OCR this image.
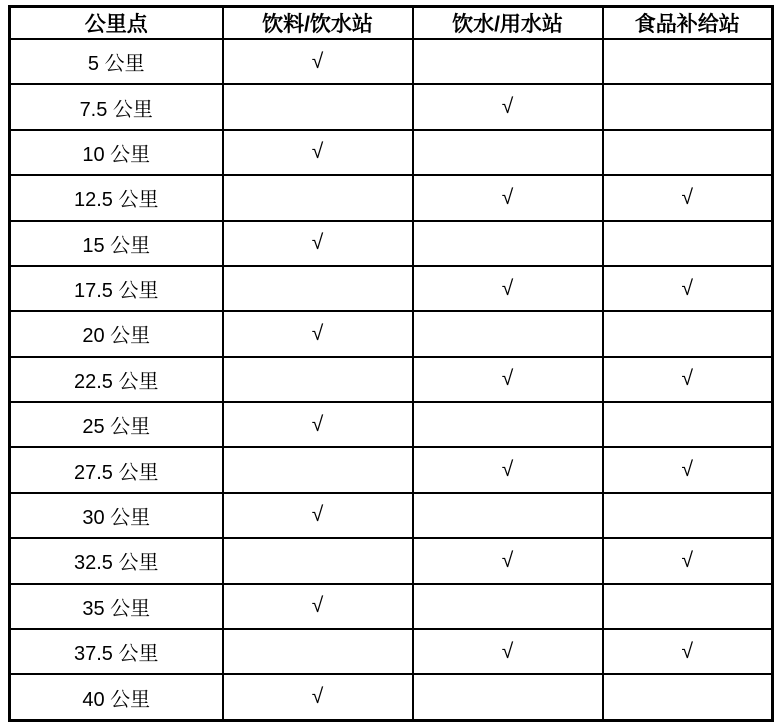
公里点	饮料/饮水站	饮水/用水站	食品补给站
5 公里	√		
7.5 公里		√	
10 公里	√		
12.5 公里		√	√
15 公里	√		
17.5 公里		√	√
20 公里	√		
22.5 公里		√	√
25 公里	√		
27.5 公里		√	√
30 公里	√		
32.5 公里		√	√
35 公里	√		
37.5 公里		√	√
40 公里	√		
